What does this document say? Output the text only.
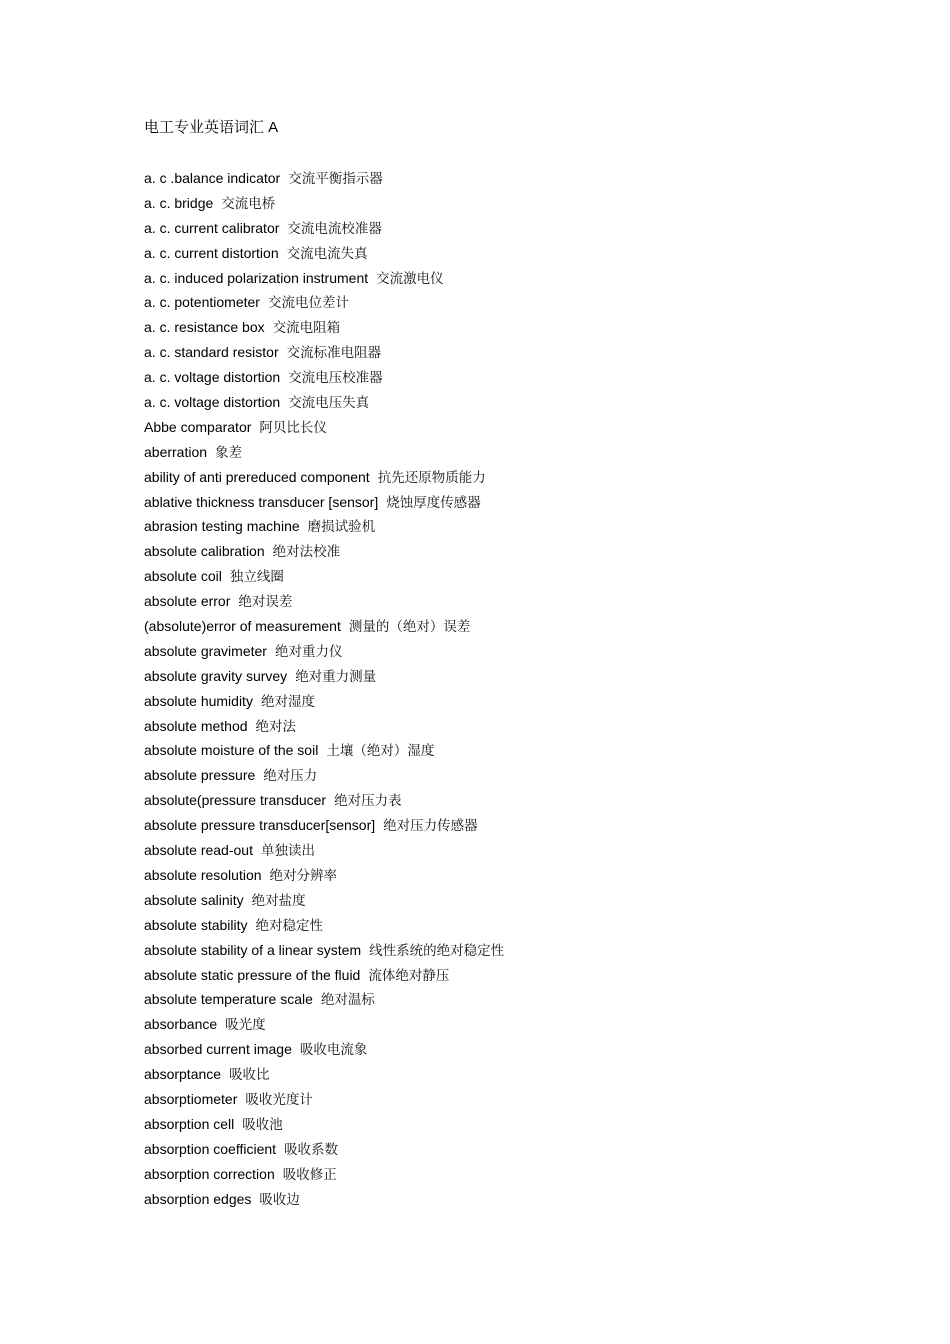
电工专业英语词汇 A
a. c .balance indicator 交流平衡指示器
a. c. bridge 交流电桥
a. c. current calibrator 交流电流校准器
a. c. current distortion 交流电流失真
a. c. induced polarization instrument 交流激电仪
a. c. potentiometer 交流电位差计
a. c. resistance box 交流电阻箱
a. c. standard resistor 交流标准电阻器
a. c. voltage distortion 交流电压校准器
a. c. voltage distortion 交流电压失真
Abbe comparator 阿贝比长仪
aberration 象差
ability of anti prereduced component 抗先还原物质能力
ablative thickness transducer [sensor] 烧蚀厚度传感器
abrasion testing machine 磨损试验机
absolute calibration 绝对法校准
absolute coil 独立线圈
absolute error 绝对误差
(absolute)error of measurement 测量的（绝对）误差
absolute gravimeter 绝对重力仪
absolute gravity survey 绝对重力测量
absolute humidity 绝对湿度
absolute method 绝对法
absolute moisture of the soil 土壤（绝对）湿度
absolute pressure 绝对压力
absolute(pressure transducer 绝对压力表
absolute pressure transducer[sensor] 绝对压力传感器
absolute read-out 单独读出
absolute resolution 绝对分辨率
absolute salinity 绝对盐度
absolute stability 绝对稳定性
absolute stability of a linear system 线性系统的绝对稳定性
absolute static pressure of the fluid 流体绝对静压
absolute temperature scale 绝对温标
absorbance 吸光度
absorbed current image 吸收电流象
absorptance 吸收比
absorptiometer 吸收光度计
absorption cell 吸收池
absorption coefficient 吸收系数
absorption correction 吸收修正
absorption edges 吸收边
